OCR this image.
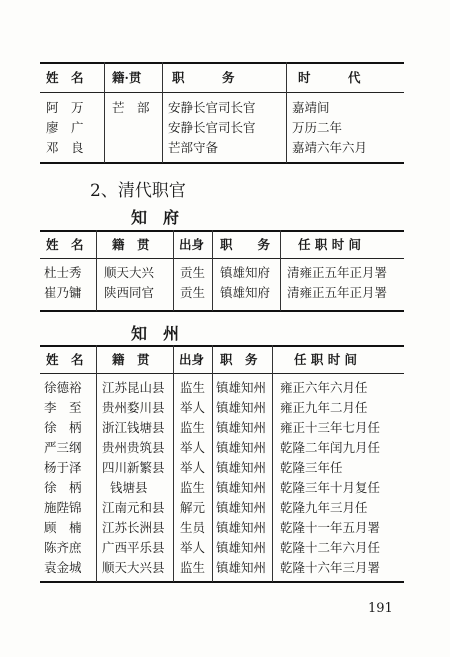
姓　名 籍·贯 职　　　务	时　　　代
阿　万 芒　部 安静长官司长官	嘉靖间
廖　广	安静长官司长官	万历二年
邓　良	芒部守备	嘉靖六年六月
2、清代职官
知　府
姓　名 籍　贯 出身 职　　务 任 职 时 间
杜士秀 顺天大兴 贡生 镇雄知府 清雍正五年正月署
崔乃镛 陕西同官 贡生 镇雄知府 清雍正五年正月署
知　州
姓　名 籍　贯 出身 职　务	任 职 时 间
徐德裕 江苏昆山县 监生 镇雄知州 雍正六年六月任
李　至 贵州婺川县 举人 镇雄知州 雍正九年二月任
徐　柄 浙江钱塘县 监生 镇雄知州 雍正十三年七月任
严三纲 贵州贵筑县 举人 镇雄知州 乾隆二年闰九月任
杨于泽 四川新繁县 举人 镇雄知州 乾隆三年任
徐　柄 钱塘县	监生 镇雄知州 乾隆三年十月复任
施陛锦 江南元和县 解元 镇雄知州 乾隆九年三月任
顾　楠 江苏长洲县 生员 镇雄知州 乾隆十一年五月署
陈齐庶 广西平乐县 举人 镇雄知州 乾隆十二年六月任
袁金城 顺天大兴县 监生 镇雄知州 乾隆十六年三月署
191
